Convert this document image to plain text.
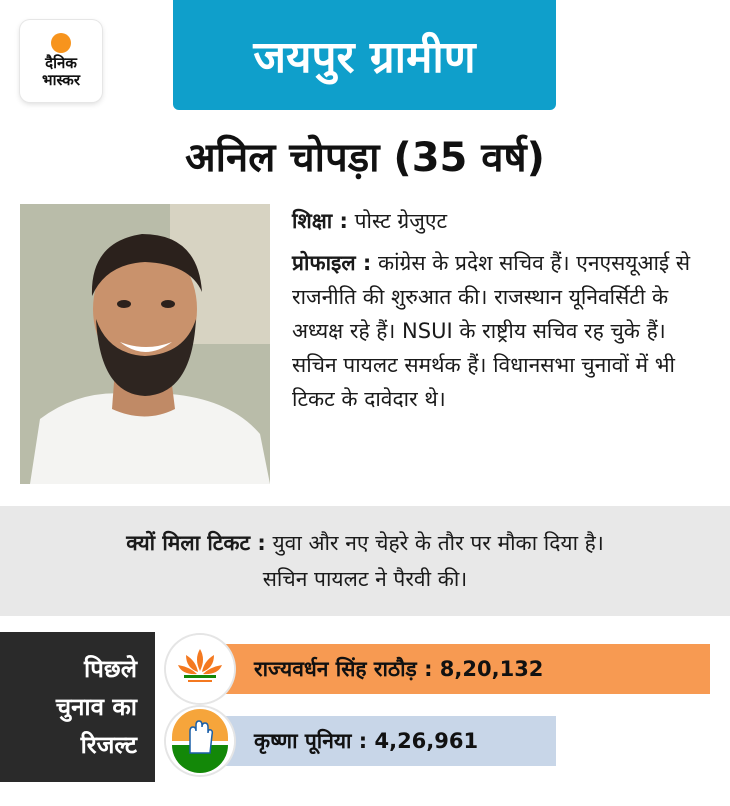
दैनिक
भास्कर	जयपुर ग्रामीण
अनिल चोपड़ा (35 वर्ष)
शिक्षा : पोस्ट ग्रेजुएट
प्रोफाइल : कांग्रेस के प्रदेश सचिव हैं। एनएसयूआई से राजनीति की शुरुआत की। राजस्थान यूनिवर्सिटी के अध्यक्ष रहे हैं। NSUI के राष्ट्रीय सचिव रह चुके हैं। सचिन पायलट समर्थक हैं। विधानसभा चुनावों में भी टिकट के दावेदार थे।
क्यों मिला टिकट : युवा और नए चेहरे के तौर पर मौका दिया है। सचिन पायलट ने पैरवी की।
पिछले
चुनाव का
रिजल्ट
राज्यवर्धन सिंह राठौड़ : 8,20,132
कृष्णा पूनिया : 4,26,961
